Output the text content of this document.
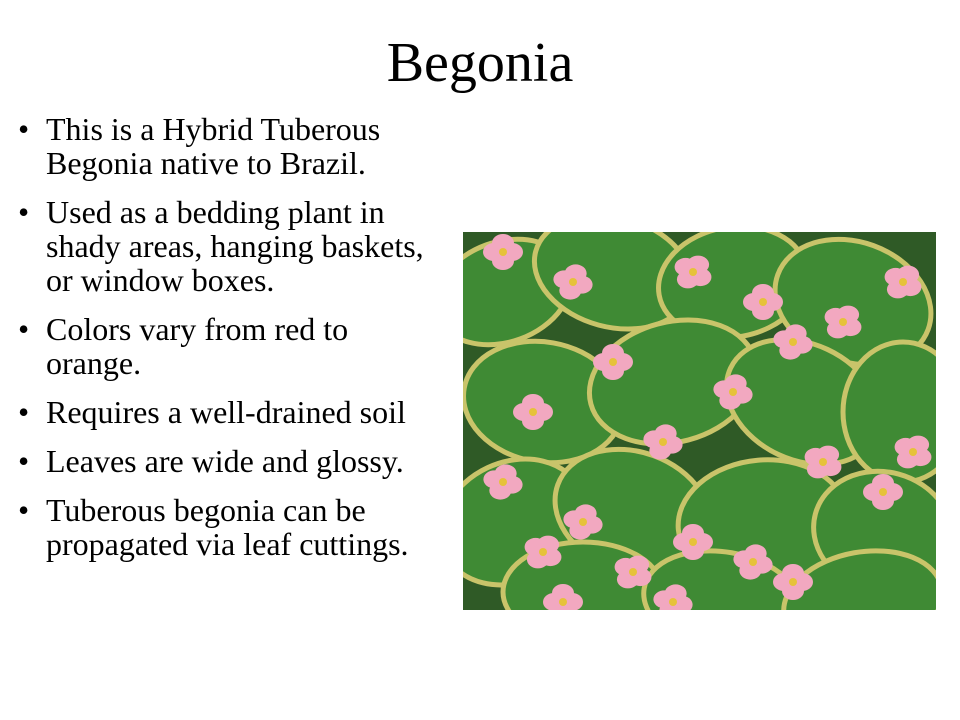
Begonia
• This is a Hybrid Tuberous Begonia native to Brazil.
• Used as a bedding plant in shady areas, hanging baskets, or window boxes.
• Colors vary from red to orange.
• Requires a well-drained soil
• Leaves are wide and glossy.
• Tuberous begonia can be propagated via leaf cuttings.
